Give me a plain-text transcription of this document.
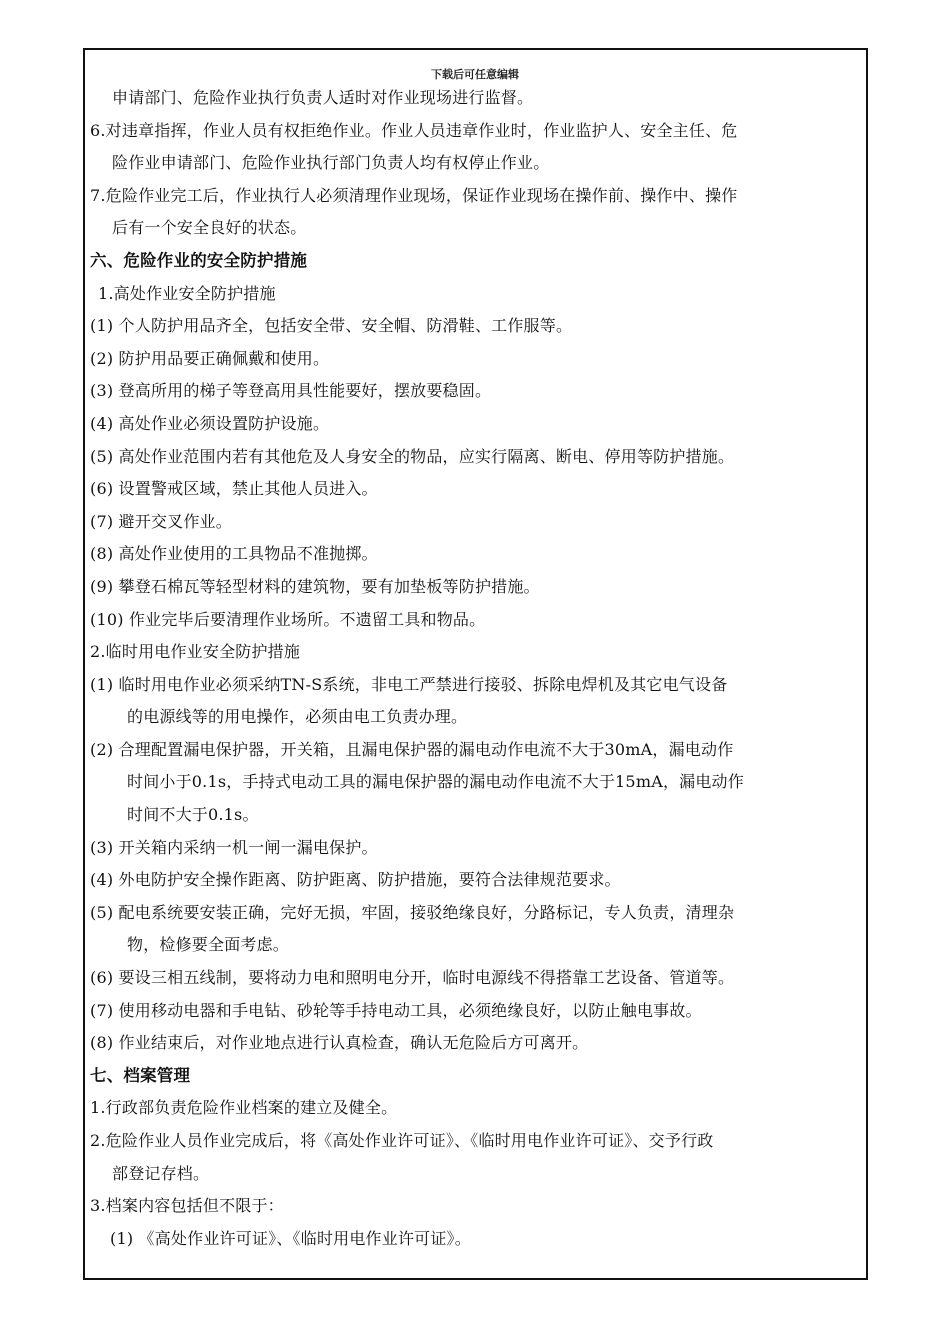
下载后可任意编辑
申请部门、危险作业执行负责人适时对作业现场进行监督。
6.对违章指挥，作业人员有权拒绝作业。作业人员违章作业时，作业监护人、安全主任、危
险作业申请部门、危险作业执行部门负责人均有权停止作业。
7.危险作业完工后，作业执行人必须清理作业现场，保证作业现场在操作前、操作中、操作
后有一个安全良好的状态。
六、危险作业的安全防护措施
1.高处作业安全防护措施
(1) 个人防护用品齐全，包括安全带、安全帽、防滑鞋、工作服等。
(2) 防护用品要正确佩戴和使用。
(3) 登高所用的梯子等登高用具性能要好，摆放要稳固。
(4) 高处作业必须设置防护设施。
(5) 高处作业范围内若有其他危及人身安全的物品，应实行隔离、断电、停用等防护措施。
(6) 设置警戒区域，禁止其他人员进入。
(7) 避开交叉作业。
(8) 高处作业使用的工具物品不准抛掷。
(9) 攀登石棉瓦等轻型材料的建筑物，要有加垫板等防护措施。
(10) 作业完毕后要清理作业场所。不遗留工具和物品。
2.临时用电作业安全防护措施
(1) 临时用电作业必须采纳TN-S系统，非电工严禁进行接驳、拆除电焊机及其它电气设备
的电源线等的用电操作，必须由电工负责办理。
(2) 合理配置漏电保护器，开关箱，且漏电保护器的漏电动作电流不大于30mA，漏电动作
时间小于0.1s，手持式电动工具的漏电保护器的漏电动作电流不大于15mA，漏电动作
时间不大于0.1s。
(3) 开关箱内采纳一机一闸一漏电保护。
(4) 外电防护安全操作距离、防护距离、防护措施，要符合法律规范要求。
(5) 配电系统要安装正确，完好无损，牢固，接驳绝缘良好，分路标记，专人负责，清理杂
物，检修要全面考虑。
(6) 要设三相五线制，要将动力电和照明电分开，临时电源线不得搭靠工艺设备、管道等。
(7) 使用移动电器和手电钻、砂轮等手持电动工具，必须绝缘良好，以防止触电事故。
(8) 作业结束后，对作业地点进行认真检查，确认无危险后方可离开。
七、档案管理
1.行政部负责危险作业档案的建立及健全。
2.危险作业人员作业完成后，将《高处作业许可证》、《临时用电作业许可证》、交予行政
部登记存档。
3.档案内容包括但不限于：
(1) 《高处作业许可证》、《临时用电作业许可证》。
